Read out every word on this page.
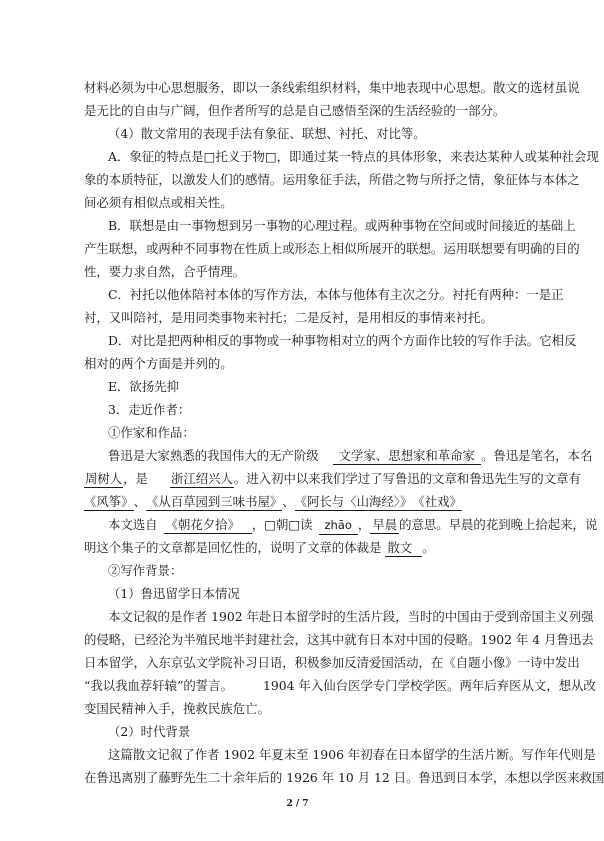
材料必须为中心思想服务，即以一条线索组织材料，集中地表现中心思想。散文的选材虽说
是无比的自由与广阔，但作者所写的总是自己感悟至深的生活经验的一部分。
（4）散文常用的表现手法有象征、联想、衬托、对比等。
A．象征的特点是□托义于物□，即通过某一特点的具体形象，来表达某种人或某种社会现
象的本质特征，以激发人们的感情。运用象征手法，所借之物与所抒之情，象征体与本体之
间必须有相似点或相关性。
B．联想是由一事物想到另一事物的心理过程。或两种事物在空间或时间接近的基础上
产生联想，或两种不同事物在性质上或形态上相似所展开的联想。运用联想要有明确的目的
性，要力求自然，合乎情理。
C．衬托以他体陪衬本体的写作方法，本体与他体有主次之分。衬托有两种：一是正
衬，又叫陪衬，是用同类事物来衬托；二是反衬，是用相反的事情来衬托。
D．对比是把两种相反的事物或一种事物相对立的两个方面作比较的写作手法。它相反
相对的两个方面是并列的。
E．欲扬先抑
3．走近作者：
①作家和作品：
鲁迅是大家熟悉的我国伟大的无产阶级 文学家、思想家和革命家 。鲁迅是笔名，本名
周树人，是 浙江绍兴人。进入初中以来我们学过了写鲁迅的文章和鲁迅先生写的文章有
《风筝》、《从百草园到三味书屋》、《阿长与〈山海经〉》《社戏》
本文选自 《朝花夕拾》 ，□朝□读 zhāo ， 早晨 的意思。早晨的花到晚上拾起来，说
明这个集子的文章都是回忆性的，说明了文章的体裁是 散文 。
②写作背景：
（1）鲁迅留学日本情况
本文记叙的是作者 1902 年赴日本留学时的生活片段，当时的中国由于受到帝国主义列强
的侵略，已经沦为半殖民地半封建社会，这其中就有日本对中国的侵略。1902 年 4 月鲁迅去
日本留学，入东京弘文学院补习日语，积极参加反清爱国活动，在《自题小像》一诗中发出
“我以我血荐轩辕”的誓言。 1904 年入仙台医学专门学校学医。两年后弃医从文，想从改
变国民精神入手，挽救民族危亡。
（2）时代背景
这篇散文记叙了作者 1902 年夏末至 1906 年初春在日本留学的生活片断。写作年代则是
在鲁迅离别了藤野先生二十余年后的 1926 年 10 月 12 日。鲁迅到日本学，本想以学医来救国
2 / 7
